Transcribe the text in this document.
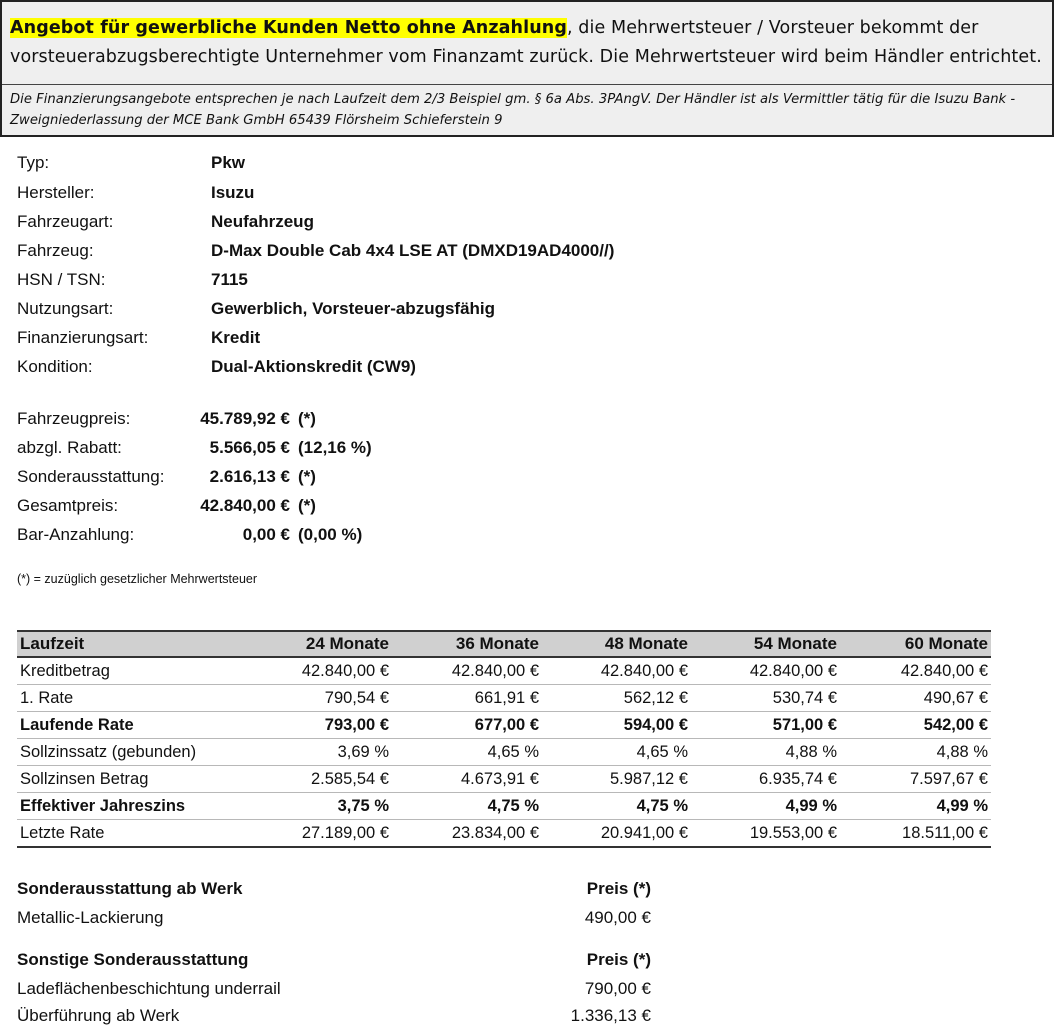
Angebot für gewerbliche Kunden Netto ohne Anzahlung, die Mehrwertsteuer / Vorsteuer bekommt der vorsteuerabzugsberechtigte Unternehmer vom Finanzamt zurück. Die Mehrwertsteuer wird beim Händler entrichtet.
Die Finanzierungsangebote entsprechen je nach Laufzeit dem 2/3 Beispiel gm. § 6a Abs. 3PAngV. Der Händler ist als Vermittler tätig für die Isuzu Bank - Zweigniederlassung der MCE Bank GmbH 65439 Flörsheim Schieferstein 9
Typ:	Pkw
Hersteller:	Isuzu
Fahrzeugart:	Neufahrzeug
Fahrzeug:	D-Max Double Cab 4x4 LSE AT (DMXD19AD4000//)
HSN / TSN:	7115
Nutzungsart:	Gewerblich, Vorsteuer-abzugsfähig
Finanzierungsart:	Kredit
Kondition:	Dual-Aktionskredit (CW9)
Fahrzeugpreis:	45.789,92 € (*)
abzgl. Rabatt:	5.566,05 € (12,16 %)
Sonderausstattung:	2.616,13 € (*)
Gesamtpreis:	42.840,00 € (*)
Bar-Anzahlung:	0,00 € (0,00 %)
(*) = zuzüglich gesetzlicher Mehrwertsteuer
Laufzeit	24 Monate	36 Monate	48 Monate	54 Monate	60 Monate
Kreditbetrag	42.840,00 €	42.840,00 €	42.840,00 €	42.840,00 €	42.840,00 €
1. Rate	790,54 €	661,91 €	562,12 €	530,74 €	490,67 €
Laufende Rate	793,00 €	677,00 €	594,00 €	571,00 €	542,00 €
Sollzinssatz (gebunden)	3,69 %	4,65 %	4,65 %	4,88 %	4,88 %
Sollzinsen Betrag	2.585,54 €	4.673,91 €	5.987,12 €	6.935,74 €	7.597,67 €
Effektiver Jahreszins	3,75 %	4,75 %	4,75 %	4,99 %	4,99 %
Letzte Rate	27.189,00 €	23.834,00 €	20.941,00 €	19.553,00 €	18.511,00 €
Sonderausstattung ab Werk	Preis (*)
Metallic-Lackierung	490,00 €
Sonstige Sonderausstattung	Preis (*)
Ladeflächenbeschichtung underrail	790,00 €
Überführung ab Werk	1.336,13 €
